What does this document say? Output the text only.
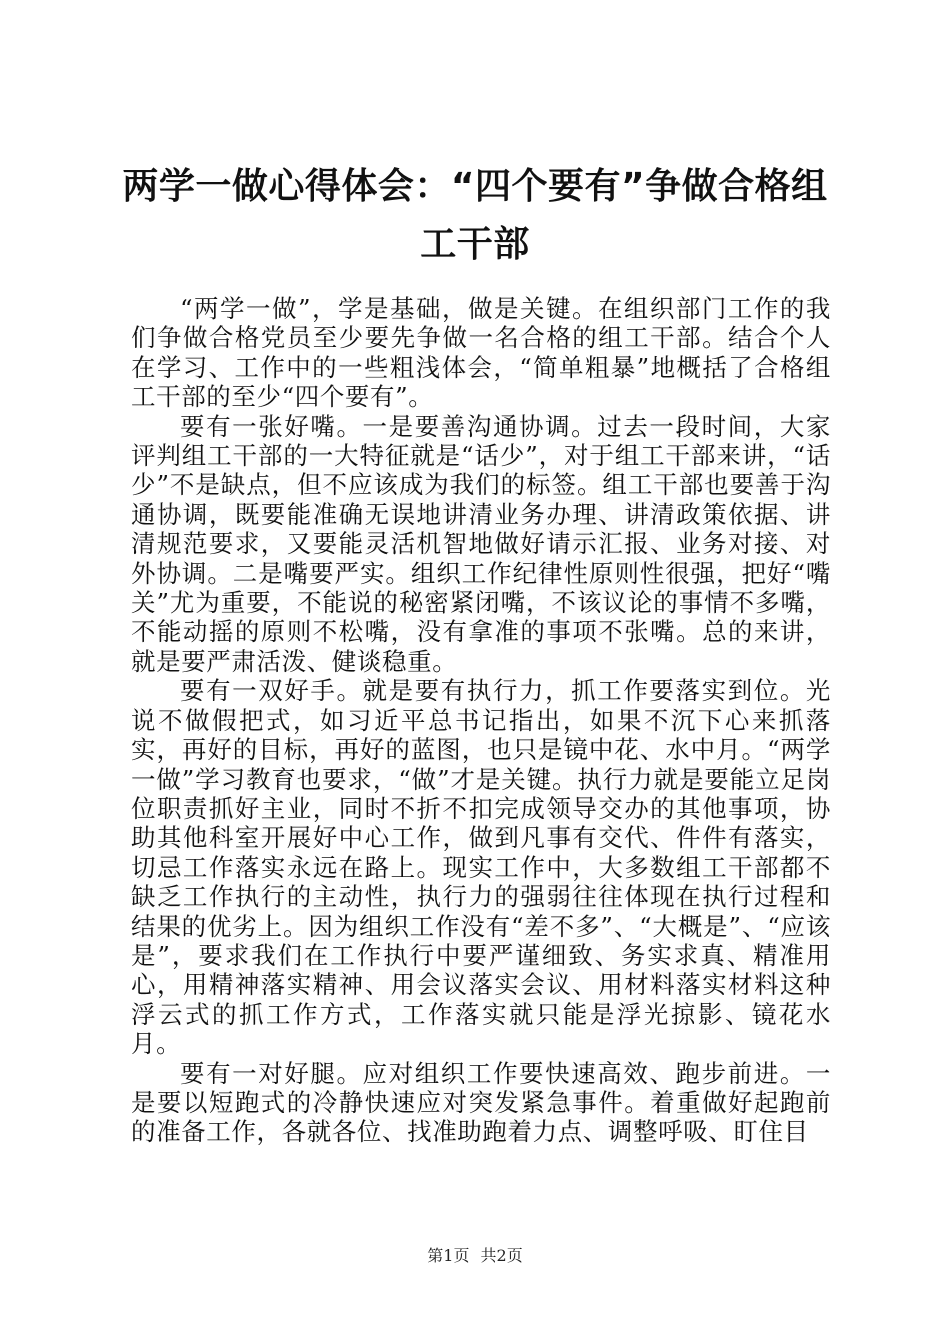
两学一做心得体会：“四个要有”争做合格组工干部

“两学一做”，学是基础，做是关键。在组织部门工作的我们争做合格党员至少要先争做一名合格的组工干部。结合个人在学习、工作中的一些粗浅体会，“简单粗暴”地概括了合格组工干部的至少“四个要有”。

要有一张好嘴。一是要善沟通协调。过去一段时间，大家评判组工干部的一大特征就是“话少”，对于组工干部来讲，“话少”不是缺点，但不应该成为我们的标签。组工干部也要善于沟通协调，既要能准确无误地讲清业务办理、讲清政策依据、讲清规范要求，又要能灵活机智地做好请示汇报、业务对接、对外协调。二是嘴要严实。组织工作纪律性原则性很强，把好“嘴关”尤为重要，不能说的秘密紧闭嘴，不该议论的事情不多嘴，不能动摇的原则不松嘴，没有拿准的事项不张嘴。总的来讲，就是要严肃活泼、健谈稳重。

要有一双好手。就是要有执行力，抓工作要落实到位。光说不做假把式，如习近平总书记指出，如果不沉下心来抓落实，再好的目标，再好的蓝图，也只是镜中花、水中月。“两学一做”学习教育也要求，“做”才是关键。执行力就是要能立足岗位职责抓好主业，同时不折不扣完成领导交办的其他事项，协助其他科室开展好中心工作，做到凡事有交代、件件有落实，切忌工作落实永远在路上。现实工作中，大多数组工干部都不缺乏工作执行的主动性，执行力的强弱往往体现在执行过程和结果的优劣上。因为组织工作没有“差不多”、“大概是”、“应该是”，要求我们在工作执行中要严谨细致、务实求真、精准用心，用精神落实精神、用会议落实会议、用材料落实材料这种浮云式的抓工作方式，工作落实就只能是浮光掠影、镜花水月。

要有一对好腿。应对组织工作要快速高效、跑步前进。一是要以短跑式的冷静快速应对突发紧急事件。着重做好起跑前的准备工作，各就各位、找准助跑着力点、调整呼吸、盯住目

第1页 共2页
